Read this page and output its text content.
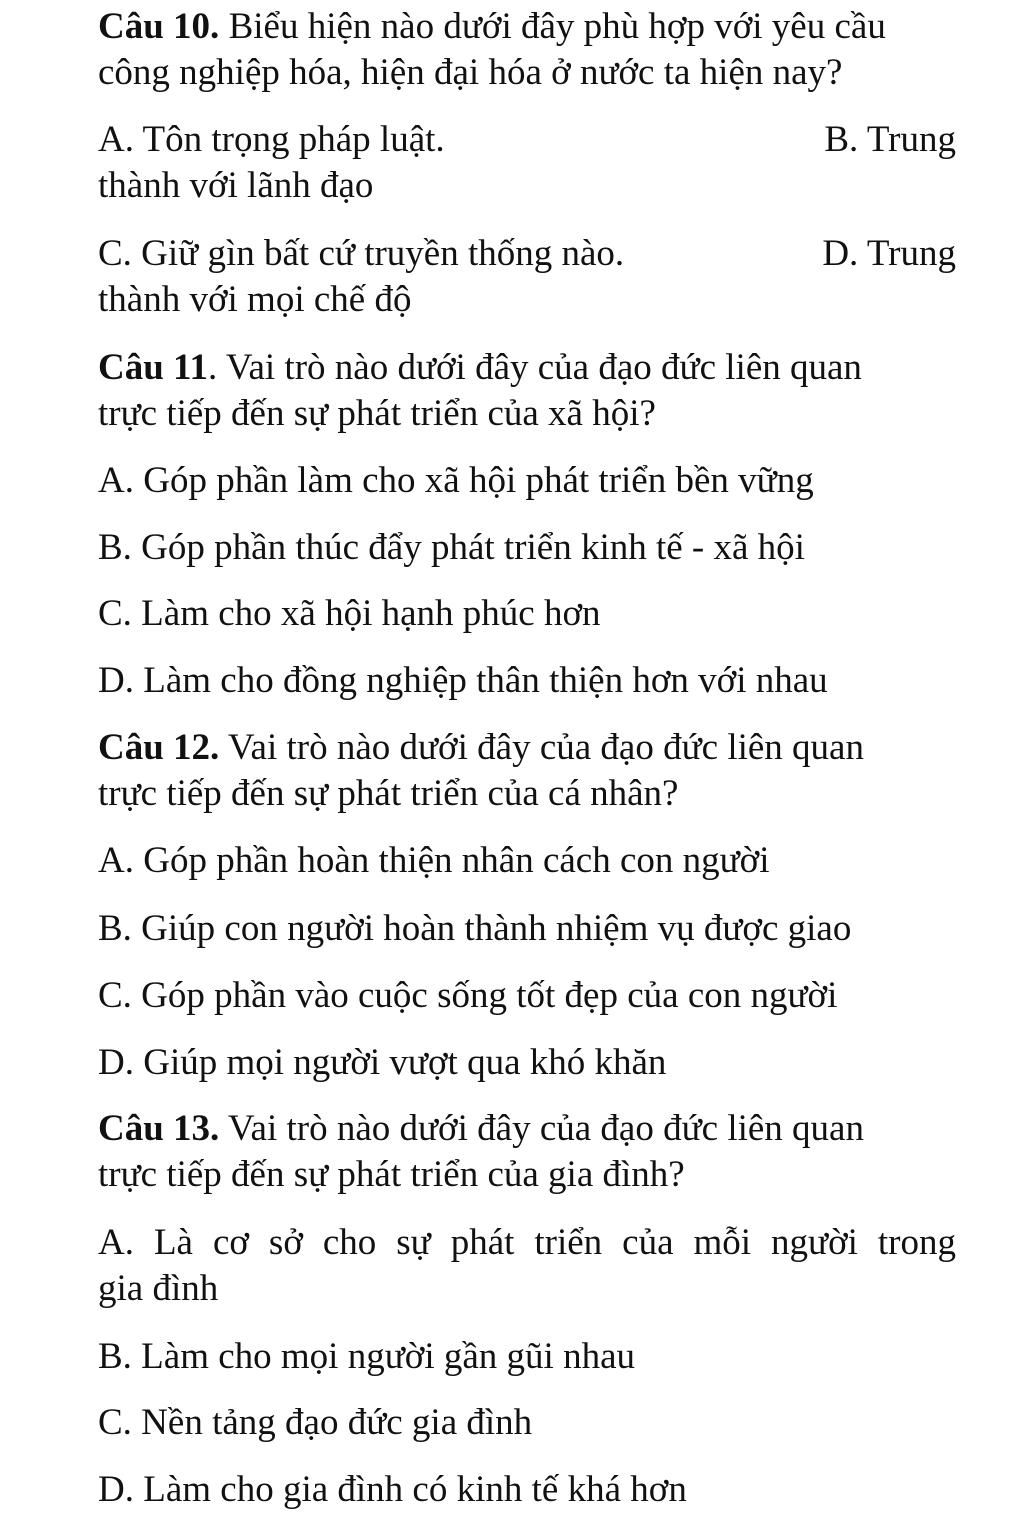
Câu 10. Biểu hiện nào dưới đây phù hợp với yêu cầu
công nghiệp hóa, hiện đại hóa ở nước ta hiện nay?
A. Tôn trọng pháp luật.	B. Trung
thành với lãnh đạo
C. Giữ gìn bất cứ truyền thống nào.	D. Trung
thành với mọi chế độ
Câu 11. Vai trò nào dưới đây của đạo đức liên quan
trực tiếp đến sự phát triển của xã hội?
A. Góp phần làm cho xã hội phát triển bền vững
B. Góp phần thúc đẩy phát triển kinh tế - xã hội
C. Làm cho xã hội hạnh phúc hơn
D. Làm cho đồng nghiệp thân thiện hơn với nhau
Câu 12. Vai trò nào dưới đây của đạo đức liên quan
trực tiếp đến sự phát triển của cá nhân?
A. Góp phần hoàn thiện nhân cách con người
B. Giúp con người hoàn thành nhiệm vụ được giao
C. Góp phần vào cuộc sống tốt đẹp của con người
D. Giúp mọi người vượt qua khó khăn
Câu 13. Vai trò nào dưới đây của đạo đức liên quan
trực tiếp đến sự phát triển của gia đình?
A. Là cơ sở cho sự phát triển của mỗi người trong
gia đình
B. Làm cho mọi người gần gũi nhau
C. Nền tảng đạo đức gia đình
D. Làm cho gia đình có kinh tế khá hơn
